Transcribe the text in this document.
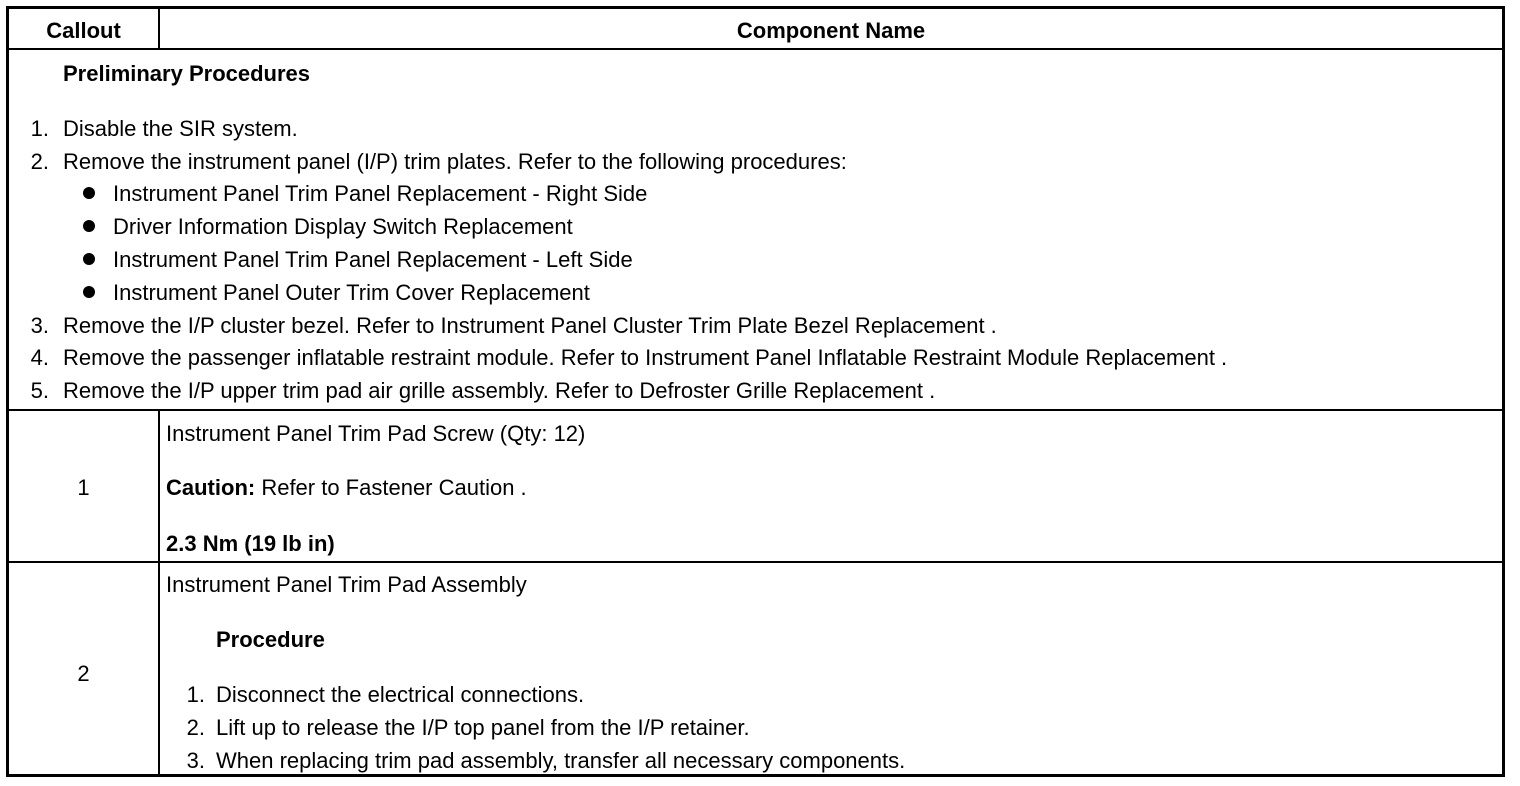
Callout	Component Name
Preliminary Procedures
1. Disable the SIR system.
2. Remove the instrument panel (I/P) trim plates. Refer to the following procedures:
Instrument Panel Trim Panel Replacement - Right Side
Driver Information Display Switch Replacement
Instrument Panel Trim Panel Replacement - Left Side
Instrument Panel Outer Trim Cover Replacement
3. Remove the I/P cluster bezel. Refer to Instrument Panel Cluster Trim Plate Bezel Replacement .
4. Remove the passenger inflatable restraint module. Refer to Instrument Panel Inflatable Restraint Module Replacement .
5. Remove the I/P upper trim pad air grille assembly. Refer to Defroster Grille Replacement .
1
Instrument Panel Trim Pad Screw (Qty: 12)
Caution: Refer to Fastener Caution .
2.3 Nm (19 lb in)
2
Instrument Panel Trim Pad Assembly
Procedure
1. Disconnect the electrical connections.
2. Lift up to release the I/P top panel from the I/P retainer.
3. When replacing trim pad assembly, transfer all necessary components.
